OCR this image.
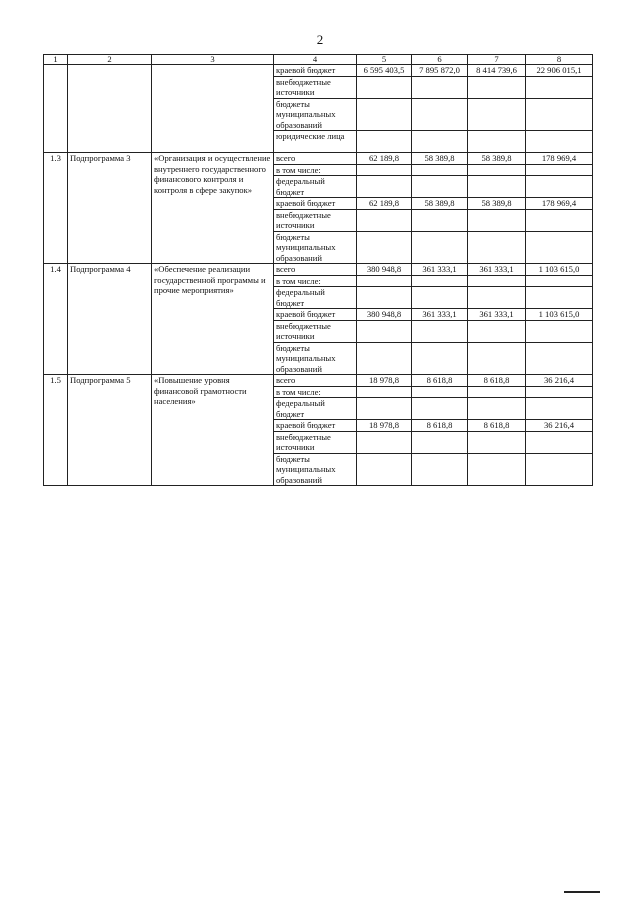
2
1	2	3	4	5	6	7	8
			краевой бюджет	6 595 403,5	7 895 872,0	8 414 739,6	22 906 015,1
			внебюджетные источники				
			бюджеты муниципальных образований				
			юридические лица				
1.3	Подпрограмма 3	«Организация и осуществление внутреннего государственного финансового контроля и контроля в сфере закупок»	всего	62 189,8	58 389,8	58 389,8	178 969,4
			в том числе:				
			федеральный бюджет				
			краевой бюджет	62 189,8	58 389,8	58 389,8	178 969,4
			внебюджетные источники				
			бюджеты муниципальных образований				
1.4	Подпрограмма 4	«Обеспечение реализации государственной программы и прочие мероприятия»	всего	380 948,8	361 333,1	361 333,1	1 103 615,0
			в том числе:				
			федеральный бюджет				
			краевой бюджет	380 948,8	361 333,1	361 333,1	1 103 615,0
			внебюджетные источники				
			бюджеты муниципальных образований				
1.5	Подпрограмма 5	«Повышение уровня финансовой грамотности населения»	всего	18 978,8	8 618,8	8 618,8	36 216,4
			в том числе:				
			федеральный бюджет				
			краевой бюджет	18 978,8	8 618,8	8 618,8	36 216,4
			внебюджетные источники				
			бюджеты муниципальных образований				
